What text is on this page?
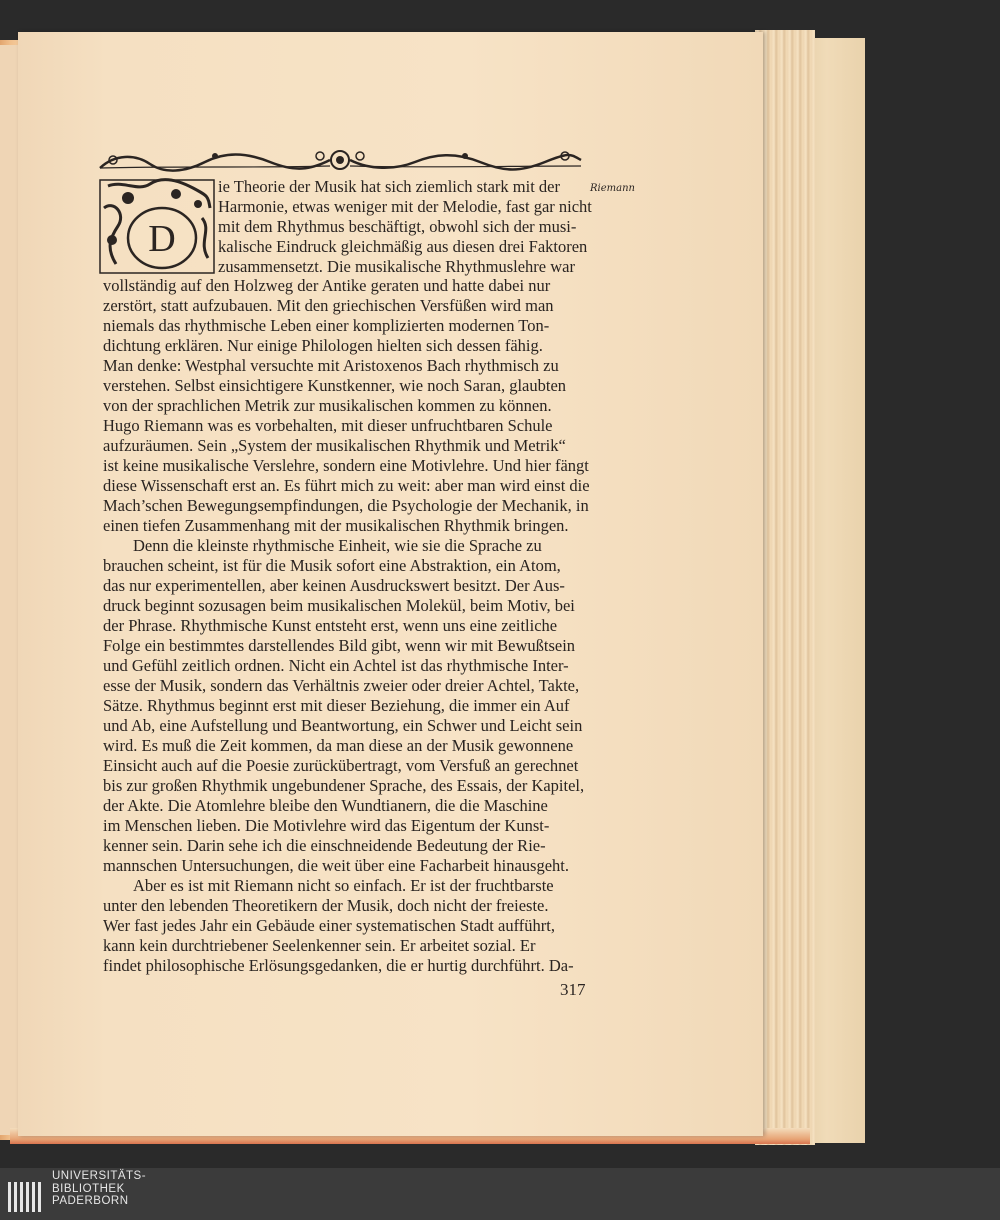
D
Riemann
ie Theorie der Musik hat sich ziemlich stark mit der
Harmonie, etwas weniger mit der Melodie, fast gar nicht
mit dem Rhythmus beschäftigt, obwohl sich der musi-
kalische Eindruck gleichmäßig aus diesen drei Faktoren
zusammensetzt. Die musikalische Rhythmuslehre war
vollständig auf den Holzweg der Antike geraten und hatte dabei nur
zerstört, statt aufzubauen. Mit den griechischen Versfüßen wird man
niemals das rhythmische Leben einer komplizierten modernen Ton-
dichtung erklären. Nur einige Philologen hielten sich dessen fähig.
Man denke: Westphal versuchte mit Aristoxenos Bach rhythmisch zu
verstehen. Selbst einsichtigere Kunstkenner, wie noch Saran, glaubten
von der sprachlichen Metrik zur musikalischen kommen zu können.
Hugo Riemann was es vorbehalten, mit dieser unfruchtbaren Schule
aufzuräumen. Sein „System der musikalischen Rhythmik und Metrik“
ist keine musikalische Verslehre, sondern eine Motivlehre. Und hier fängt
diese Wissenschaft erst an. Es führt mich zu weit: aber man wird einst die
Mach’schen Bewegungsempfindungen, die Psychologie der Mechanik, in
einen tiefen Zusammenhang mit der musikalischen Rhythmik bringen.
Denn die kleinste rhythmische Einheit, wie sie die Sprache zu
brauchen scheint, ist für die Musik sofort eine Abstraktion, ein Atom,
das nur experimentellen, aber keinen Ausdruckswert besitzt. Der Aus-
druck beginnt sozusagen beim musikalischen Molekül, beim Motiv, bei
der Phrase. Rhythmische Kunst entsteht erst, wenn uns eine zeitliche
Folge ein bestimmtes darstellendes Bild gibt, wenn wir mit Bewußtsein
und Gefühl zeitlich ordnen. Nicht ein Achtel ist das rhythmische Inter-
esse der Musik, sondern das Verhältnis zweier oder dreier Achtel, Takte,
Sätze. Rhythmus beginnt erst mit dieser Beziehung, die immer ein Auf
und Ab, eine Aufstellung und Beantwortung, ein Schwer und Leicht sein
wird. Es muß die Zeit kommen, da man diese an der Musik gewonnene
Einsicht auch auf die Poesie zurückübertragt, vom Versfuß an gerechnet
bis zur großen Rhythmik ungebundener Sprache, des Essais, der Kapitel,
der Akte. Die Atomlehre bleibe den Wundtianern, die die Maschine
im Menschen lieben. Die Motivlehre wird das Eigentum der Kunst-
kenner sein. Darin sehe ich die einschneidende Bedeutung der Rie-
mannschen Untersuchungen, die weit über eine Facharbeit hinausgeht.
Aber es ist mit Riemann nicht so einfach. Er ist der fruchtbarste
unter den lebenden Theoretikern der Musik, doch nicht der freieste.
Wer fast jedes Jahr ein Gebäude einer systematischen Stadt aufführt,
kann kein durchtriebener Seelenkenner sein. Er arbeitet sozial. Er
findet philosophische Erlösungsgedanken, die er hurtig durchführt. Da-
317
UNIVERSITÄTS-
BIBLIOTHEK
PADERBORN
